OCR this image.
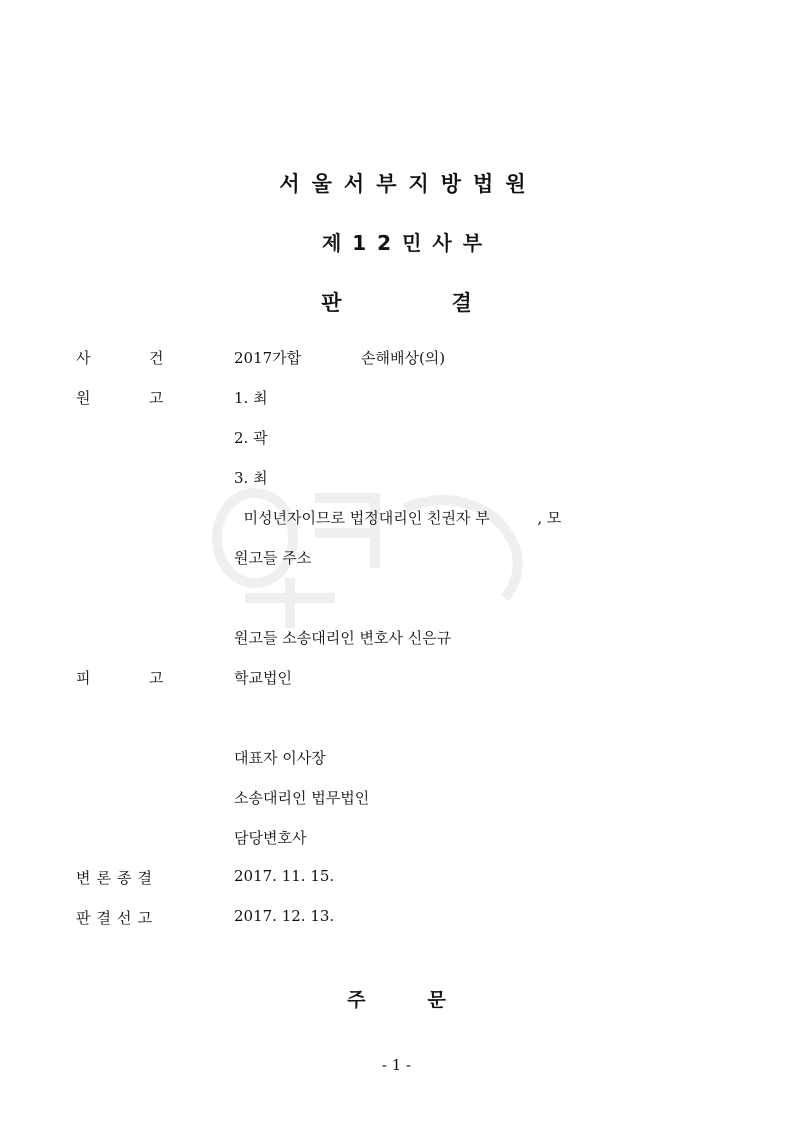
서울서부지방법원
제12민사부
판	결
사	건	2017가합	손해배상(의)
원	고	1. 최
2. 곽
3. 최
미성년자이므로 법정대리인 친권자 부          , 모
원고들 주소
원고들 소송대리인 변호사 신은규
피	고	학교법인
대표자 이사장
소송대리인 법무법인
담당변호사
변론종결	2017. 11. 15.
판결선고	2017. 12. 13.
주	문
- 1 -
